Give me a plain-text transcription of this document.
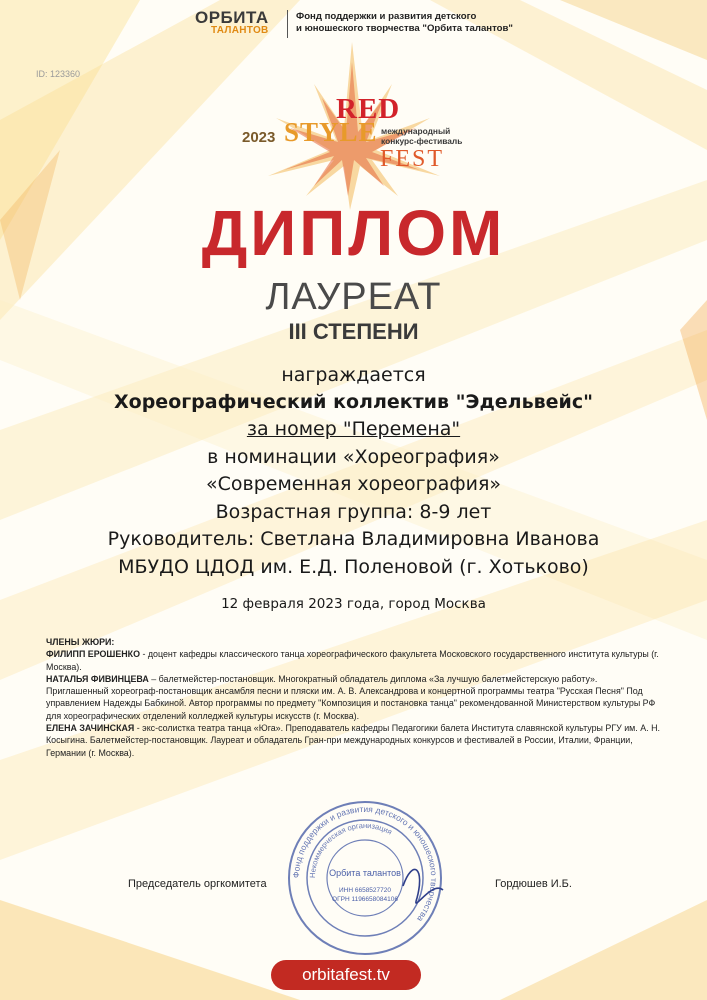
ОРБИТА
ТАЛАНТОВ
Фонд поддержки и развития детского
и юношеского творчества "Орбита талантов"
ID: 123360
2023
RED
STYLE
FEST
международный
конкурс-фестиваль
ДИПЛОМ
ЛАУРЕАТ
III СТЕПЕНИ
награждается
Хореографический коллектив "Эдельвейс"
за номер "Перемена"
в номинации «Хореография»
«Современная хореография»
Возрастная группа: 8-9 лет
Руководитель: Светлана Владимировна Иванова
МБУДО ЦДОД им. Е.Д. Поленовой (г. Хотьково)
12 февраля 2023 года, город Москва

ЧЛЕНЫ ЖЮРИ:

ФИЛИПП ЕРОШЕНКО - доцент кафедры классического танца хореографического факультета Московского государственного института культуры (г. Москва).

НАТАЛЬЯ ФИВИНЦЕВА – балетмейстер-постановщик. Многократный обладатель диплома «За лучшую балетмейстерскую работу». Приглашенный хореограф-постановщик ансамбля песни и пляски им. А. В. Александрова и концертной программы театра "Русская Песня" Под управлением Надежды Бабкиной. Автор программы по предмету "Композиция и постановка танца" рекомендованной Министерством культуры РФ для хореографических отделений колледжей культуры искусств (г. Москва).

ЕЛЕНА ЗАЧИНСКАЯ - экс-солистка театра танца «Юга». Преподаватель кафедры Педагогики балета Института славянской культуры РГУ им. А. Н. Косыгина. Балетмейстер-постановщик. Лауреат и обладатель Гран-при международных конкурсов и фестивалей в России, Италии, Франции, Германии (г. Москва).

Председатель оргкомитета	Гордюшев И.Б.
Фонд поддержки и развития детского и юношеского творчества
Некоммерческая организация
Орбита талантов
ИНН 6658527720
ОГРН 1196658084106
orbitafest.tv
